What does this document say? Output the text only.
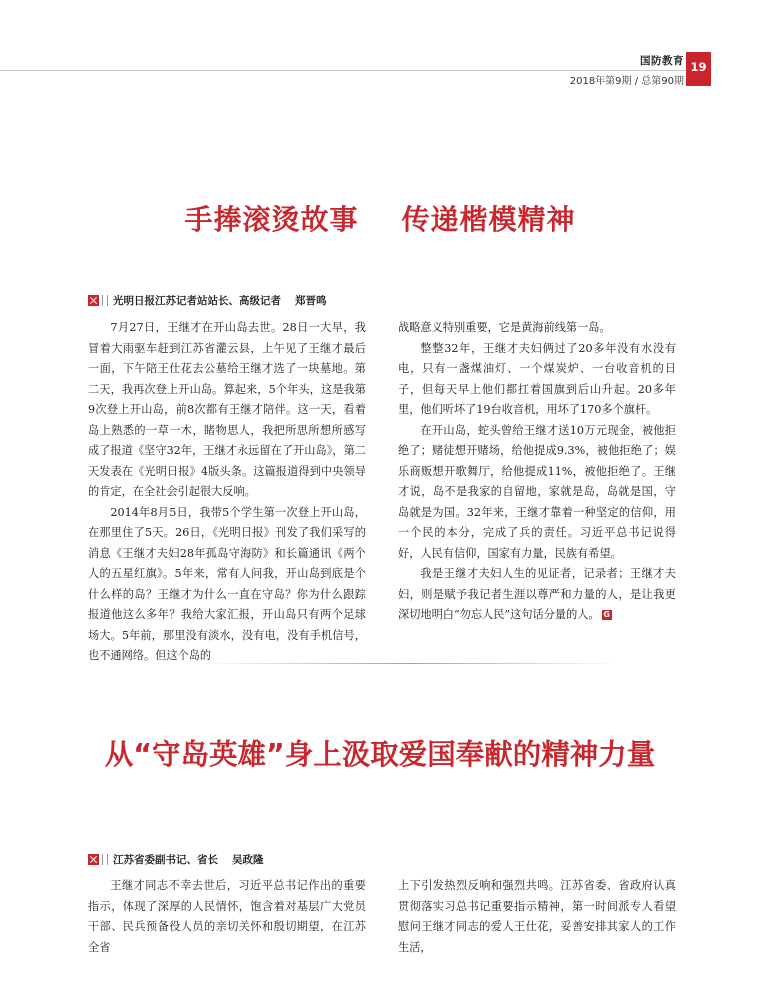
国防教育
2018年第9期 / 总第90期
19
手捧滚烫故事    传递楷模精神
光明日报江苏记者站站长、高级记者 郑晋鸣

7月27日，王继才在开山岛去世。28日一大早，我冒着大雨驱车赶到江苏省灌云县，上午见了王继才最后一面，下午陪王仕花去公墓给王继才选了一块墓地。第二天，我再次登上开山岛。算起来，5个年头，这是我第9次登上开山岛，前8次都有王继才陪伴。这一天，看着岛上熟悉的一草一木，睹物思人，我把所思所想所感写成了报道《坚守32年，王继才永远留在了开山岛》，第二天发表在《光明日报》4版头条。这篇报道得到中央领导的肯定，在全社会引起很大反响。

2014年8月5日，我带5个学生第一次登上开山岛，在那里住了5天。26日，《光明日报》刊发了我们采写的消息《王继才夫妇28年孤岛守海防》和长篇通讯《两个人的五星红旗》。5年来，常有人问我，开山岛到底是个什么样的岛？王继才为什么一直在守岛？你为什么跟踪报道他这么多年？我给大家汇报，开山岛只有两个足球场大。5年前，那里没有淡水，没有电，没有手机信号，也不通网络。但这个岛的

战略意义特别重要，它是黄海前线第一岛。

整整32年，王继才夫妇俩过了20多年没有水没有电，只有一盏煤油灯、一个煤炭炉、一台收音机的日子，但每天早上他们都扛着国旗到后山升起。20多年里，他们听坏了19台收音机，用坏了170多个旗杆。

在开山岛，蛇头曾给王继才送10万元现金，被他拒绝了；赌徒想开赌场，给他提成9.3%，被他拒绝了；娱乐商贩想开歌舞厅，给他提成11%，被他拒绝了。王继才说，岛不是我家的自留地，家就是岛，岛就是国，守岛就是为国。32年来，王继才靠着一种坚定的信仰，用一个民的本分，完成了兵的责任。习近平总书记说得好，人民有信仰，国家有力量，民族有希望。

我是王继才夫妇人生的见证者，记录者；王继才夫妇，则是赋予我记者生涯以尊严和力量的人，是让我更深切地明白“勿忘人民”这句话分量的人。 G

从“守岛英雄”身上汲取爱国奉献的精神力量
江苏省委副书记、省长 吴政隆

王继才同志不幸去世后，习近平总书记作出的重要指示，体现了深厚的人民情怀，饱含着对基层广大党员干部、民兵预备役人员的亲切关怀和殷切期望，在江苏全省

上下引发热烈反响和强烈共鸣。江苏省委、省政府认真贯彻落实习总书记重要指示精神，第一时间派专人看望慰问王继才同志的爱人王仕花，妥善安排其家人的工作生活，
